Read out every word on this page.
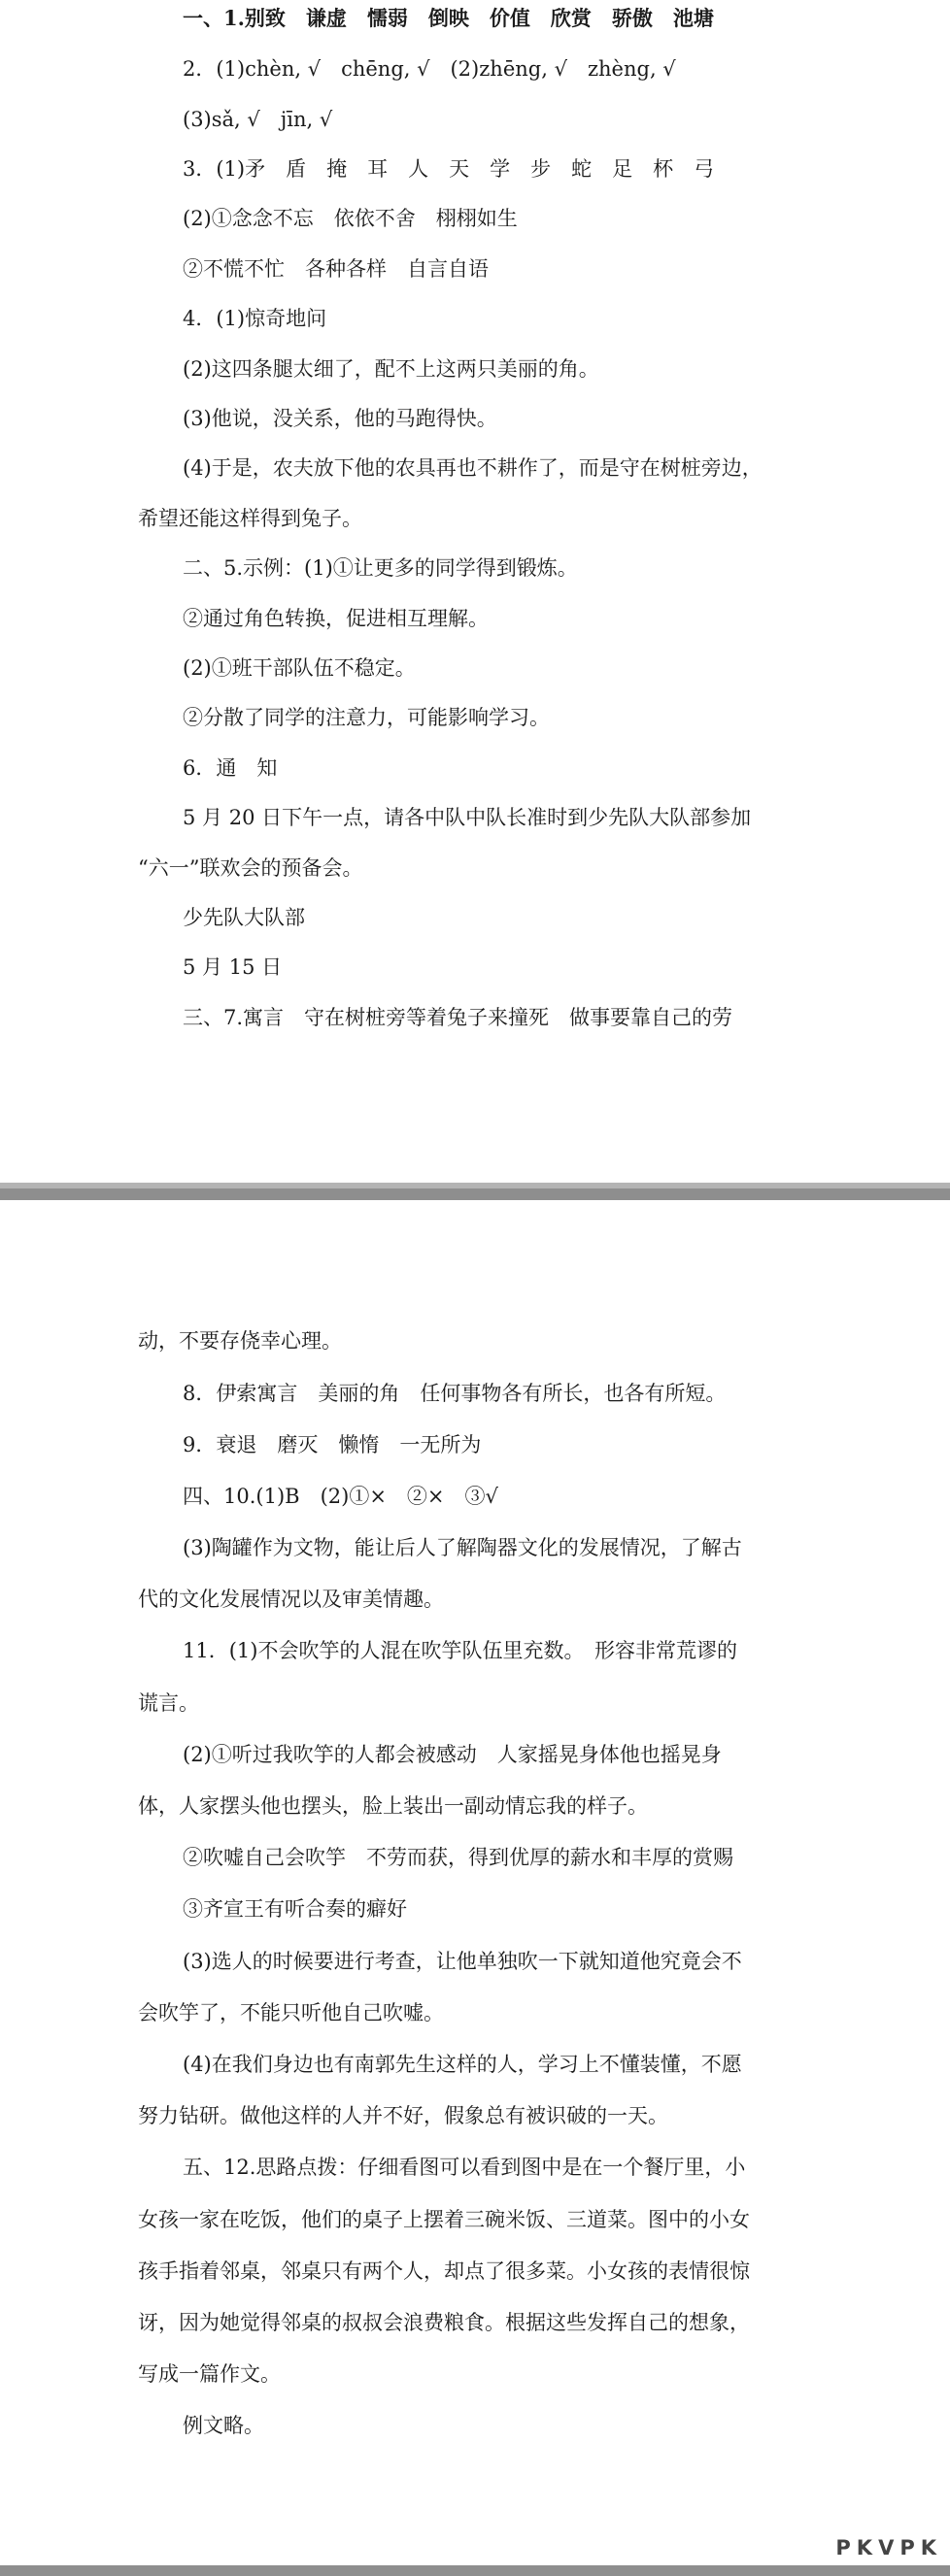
一、1.别致　谦虚　懦弱　倒映　价值　欣赏　骄傲　池塘
2．(1)chèn, √　chēng, √　(2)zhēng, √　zhèng, √
(3)sǎ, √　jīn, √
3．(1)矛　盾　掩　耳　人　天　学　步　蛇　足　杯　弓
(2)①念念不忘　依依不舍　栩栩如生
②不慌不忙　各种各样　自言自语
4．(1)惊奇地问
(2)这四条腿太细了，配不上这两只美丽的角。
(3)他说，没关系，他的马跑得快。
(4)于是，农夫放下他的农具再也不耕作了，而是守在树桩旁边，
希望还能这样得到兔子。
二、5.示例：(1)①让更多的同学得到锻炼。
②通过角色转换，促进相互理解。
(2)①班干部队伍不稳定。
②分散了同学的注意力，可能影响学习。
6．通　知
5 月 20 日下午一点，请各中队中队长准时到少先队大队部参加
“六一”联欢会的预备会。
少先队大队部
5 月 15 日
三、7.寓言　守在树桩旁等着兔子来撞死　做事要靠自己的劳
动，不要存侥幸心理。
8．伊索寓言　美丽的角　任何事物各有所长，也各有所短。
9．衰退　磨灭　懒惰　一无所为
四、10.(1)B　(2)①×　②×　③√
(3)陶罐作为文物，能让后人了解陶器文化的发展情况，了解古
代的文化发展情况以及审美情趣。
11．(1)不会吹竽的人混在吹竽队伍里充数。　形容非常荒谬的
谎言。
(2)①听过我吹竽的人都会被感动　人家摇晃身体他也摇晃身
体，人家摆头他也摆头，脸上装出一副动情忘我的样子。
②吹嘘自己会吹竽　不劳而获，得到优厚的薪水和丰厚的赏赐
③齐宣王有听合奏的癖好
(3)选人的时候要进行考查，让他单独吹一下就知道他究竟会不
会吹竽了，不能只听他自己吹嘘。
(4)在我们身边也有南郭先生这样的人，学习上不懂装懂，不愿
努力钻研。做他这样的人并不好，假象总有被识破的一天。
五、12.思路点拨：仔细看图可以看到图中是在一个餐厅里，小
女孩一家在吃饭，他们的桌子上摆着三碗米饭、三道菜。图中的小女
孩手指着邻桌，邻桌只有两个人，却点了很多菜。小女孩的表情很惊
讶，因为她觉得邻桌的叔叔会浪费粮食。根据这些发挥自己的想象，
写成一篇作文。
例文略。
PKVPK
